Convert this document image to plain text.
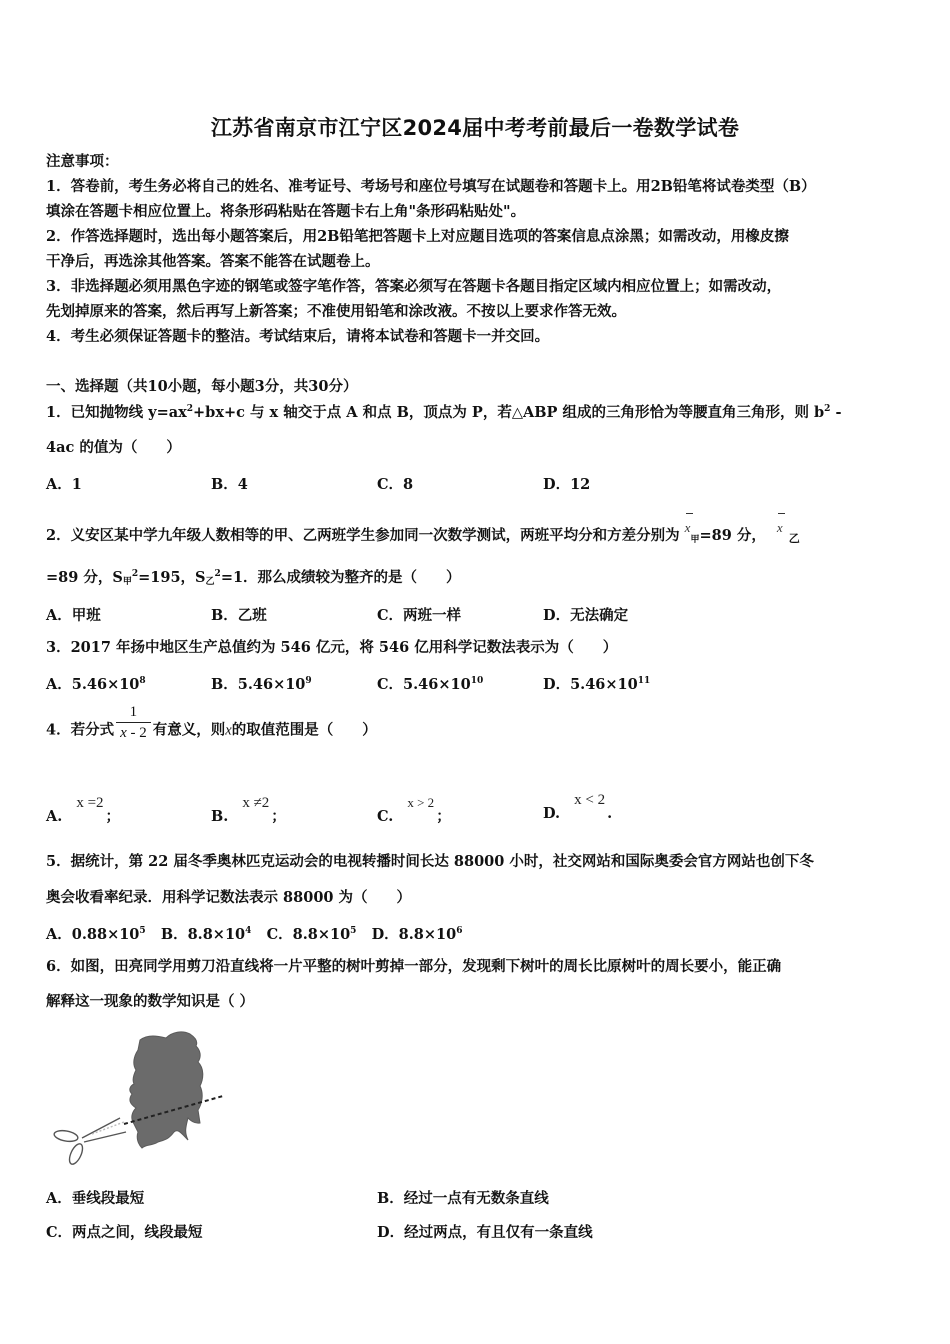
江苏省南京市江宁区2024届中考考前最后一卷数学试卷
注意事项：
1．答卷前，考生务必将自己的姓名、准考证号、考场号和座位号填写在试题卷和答题卡上。用2B铅笔将试卷类型（B）
填涂在答题卡相应位置上。将条形码粘贴在答题卡右上角"条形码粘贴处"。
2．作答选择题时，选出每小题答案后，用2B铅笔把答题卡上对应题目选项的答案信息点涂黑；如需改动，用橡皮擦
干净后，再选涂其他答案。答案不能答在试题卷上。
3．非选择题必须用黑色字迹的钢笔或签字笔作答，答案必须写在答题卡各题目指定区域内相应位置上；如需改动，
先划掉原来的答案，然后再写上新答案；不准使用铅笔和涂改液。不按以上要求作答无效。
4．考生必须保证答题卡的整洁。考试结束后，请将本试卷和答题卡一并交回。
一、选择题（共10小题，每小题3分，共30分）
1．已知抛物线 $y=ax^2+bx+c$ 与 x 轴交于点 A 和点 B，顶点为 P，若△ABP 组成的三角形恰为等腰直角三角形，则 $b^2$ -
4ac 的值为（　　）
A．1	B．4	C．8	D．12
2．义安区某中学九年级人数相等的甲、乙两班学生参加同一次数学测试，两班平均分和方差分别为 $x_甲=89$ 分， $x_乙$
=89 分，$S_甲^2=195$，$S_乙^2=1$．那么成绩较为整齐的是（　　）
A．甲班	B．乙班	C．两班一样	D．无法确定
3．2017 年扬中地区生产总值约为 546 亿元，将 546 亿用科学记数法表示为（　　）
A．$5.46\times 10^8$	B．$5.46\times 10^9$	C．$5.46\times 10^{10}$	D．$5.46\times 10^{11}$
4．若分式 $\frac{1}{x - 2}$ 有意义，则x的取值范围是（　　）
A.x =2；	B.x ≠2；	C.x > 2；	D.x < 2.
5．据统计，第 22 届冬季奥林匹克运动会的电视转播时间长达 88000 小时，社交网站和国际奥委会官方网站也创下冬
奥会收看率纪录．用科学记数法表示 88000 为（　　）
A．$0.88\times 10^5$ B．$8.8\times 10^4$ C．$8.8\times 10^5$ D．$8.8\times 10^6$
6．如图，田亮同学用剪刀沿直线将一片平整的树叶剪掉一部分，发现剩下树叶的周长比原树叶的周长要小，能正确
解释这一现象的数学知识是（ ）
A．垂线段最短	B．经过一点有无数条直线
C．两点之间，线段最短	D．经过两点，有且仅有一条直线
